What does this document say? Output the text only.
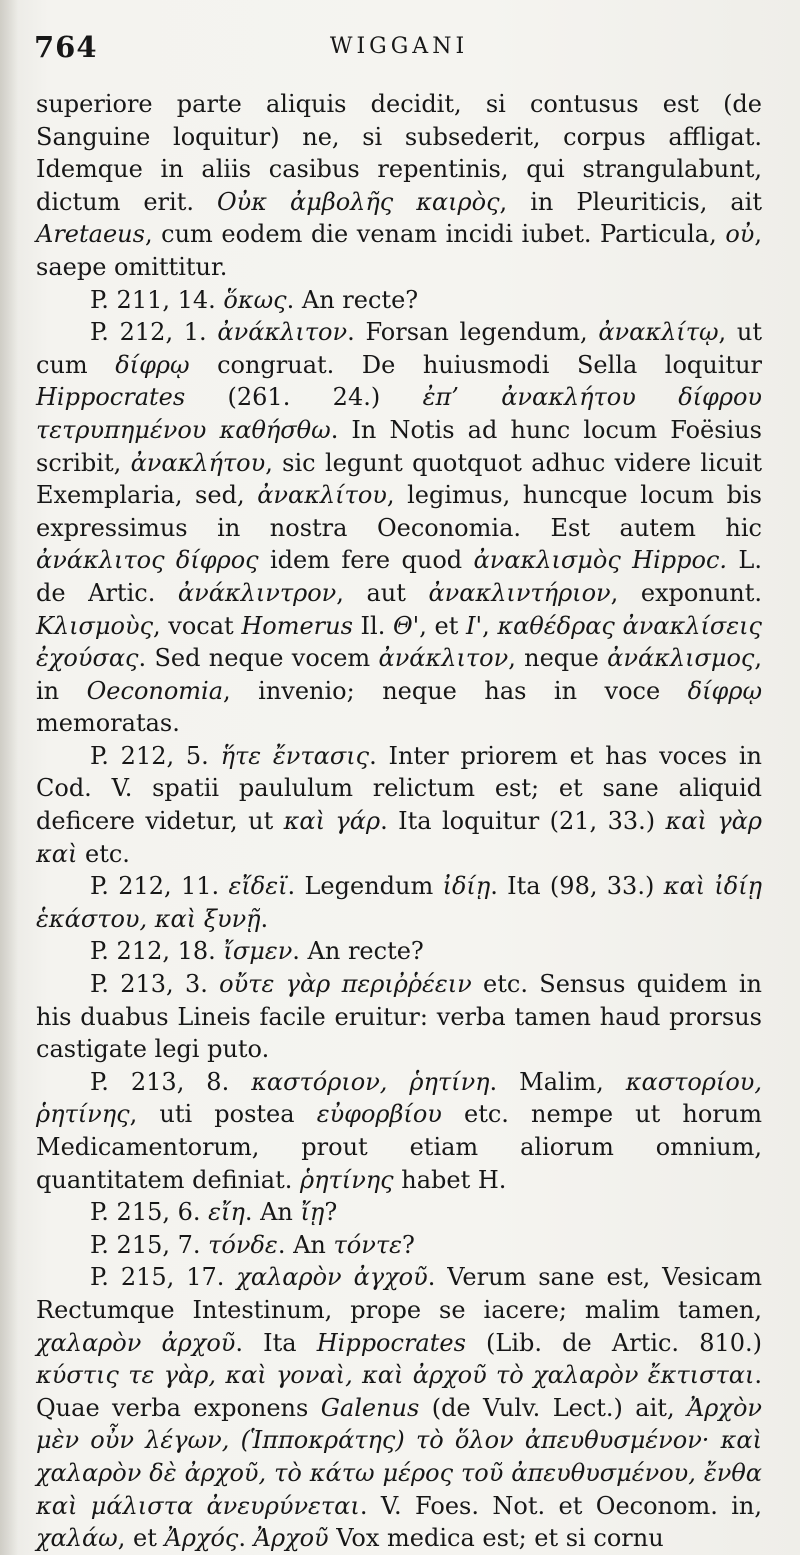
764	WIGGANI

superiore parte aliquis decidit, si contusus est (de Sanguine loquitur) ne, si subsederit, corpus affligat. Idemque in aliis casibus repentinis, qui strangulabunt, dictum erit. Οὐκ ἀμβολῆς καιρὸς, in Pleuriticis, ait Aretaeus, cum eodem die venam incidi iubet. Particula, οὐ, saepe omittitur.

P. 211, 14. ὅκως. An recte?

P. 212, 1. ἀνάκλιτον. Forsan legendum, ἀνακλίτῳ, ut cum δίφρῳ congruat. De huiusmodi Sella loquitur Hippocrates (261. 24.) ἐπ’ ἀνακλήτου δίφρου τετρυπημένου καθήσθω. In Notis ad hunc locum Foësius scribit, ἀνακλήτου, sic legunt quotquot adhuc videre licuit Exemplaria, sed, ἀνακλίτου, legimus, huncque locum bis expressimus in nostra Oeconomia. Est autem hic ἀνάκλιτος δίφρος idem fere quod ἀνακλισμὸς Hippoc. L. de Artic. ἀνάκλιντρον, aut ἀνακλιντήριον, exponunt. Κλισμοὺς, vocat Homerus Il. Θ', et Ι', καθέδρας ἀνακλίσεις ἐχούσας. Sed neque vocem ἀνάκλιτον, neque ἀνάκλισμος, in Oeconomia, invenio; neque has in voce δίφρῳ memoratas.

P. 212, 5. ἥτε ἔντασις. Inter priorem et has voces in Cod. V. spatii paululum relictum est; et sane aliquid deficere videtur, ut καὶ γάρ. Ita loquitur (21, 33.) καὶ γὰρ καὶ etc.

P. 212, 11. εἴδεϊ. Legendum ἰδίῃ. Ita (98, 33.) καὶ ἰδίῃ ἑκάστου, καὶ ξυνῇ.

P. 212, 18. ἴσμεν. An recte?

P. 213, 3. οὔτε γὰρ περιῤῥέειν etc. Sensus quidem in his duabus Lineis facile eruitur: verba tamen haud prorsus castigate legi puto.

P. 213, 8. καστόριον, ῥητίνη. Malim, καστορίου, ῥητίνης, uti postea εὐφορβίου etc. nempe ut horum Medicamentorum, prout etiam aliorum omnium, quantitatem definiat. ῥητίνης habet H.

P. 215, 6. εἴη. An ἴῃ?

P. 215, 7. τόνδε. An τόντε?

P. 215, 17. χαλαρὸν ἀγχοῦ. Verum sane est, Vesicam Rectumque Intestinum, prope se iacere; malim tamen, χαλαρὸν ἀρχοῦ. Ita Hippocrates (Lib. de Artic. 810.) κύστις τε γὰρ, καὶ γοναὶ, καὶ ἀρχοῦ τὸ χαλαρὸν ἔκτισται. Quae verba exponens Galenus (de Vulv. Lect.) ait, Ἀρχὸν μὲν οὖν λέγων, (Ἱπποκράτης) τὸ ὅλον ἀπευθυσμένον· καὶ χαλαρὸν δὲ ἀρχοῦ, τὸ κάτω μέρος τοῦ ἀπευθυσμένου, ἔνθα καὶ μάλιστα ἀνευρύνεται. V. Foes. Not. et Oeconom. in, χαλάω, et Ἀρχός. Ἀρχοῦ Vox medica est; et si cornu
